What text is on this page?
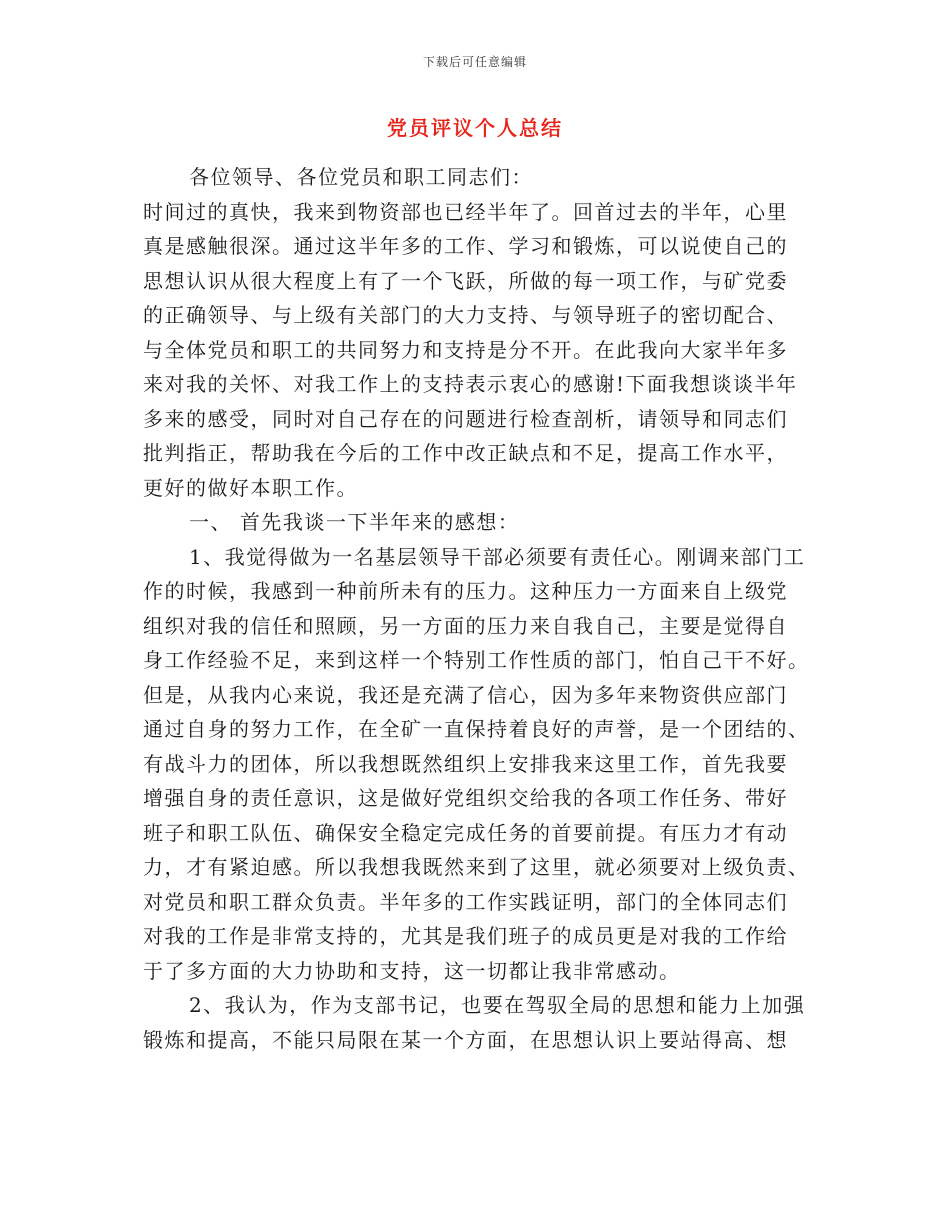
下载后可任意编辑
党员评议个人总结

各位领导、各位党员和职工同志们：

时间过的真快，我来到物资部也已经半年了。回首过去的半年，心里

真是感触很深。通过这半年多的工作、学习和锻炼，可以说使自己的

思想认识从很大程度上有了一个飞跃，所做的每一项工作，与矿党委

的正确领导、与上级有关部门的大力支持、与领导班子的密切配合、

与全体党员和职工的共同努力和支持是分不开。在此我向大家半年多

来对我的关怀、对我工作上的支持表示衷心的感谢!下面我想谈谈半年

多来的感受，同时对自己存在的问题进行检查剖析，请领导和同志们

批判指正，帮助我在今后的工作中改正缺点和不足，提高工作水平，

更好的做好本职工作。

一、 首先我谈一下半年来的感想：

1、我觉得做为一名基层领导干部必须要有责任心。刚调来部门工

作的时候，我感到一种前所未有的压力。这种压力一方面来自上级党

组织对我的信任和照顾，另一方面的压力来自我自己，主要是觉得自

身工作经验不足，来到这样一个特别工作性质的部门，怕自己干不好。

但是，从我内心来说，我还是充满了信心，因为多年来物资供应部门

通过自身的努力工作，在全矿一直保持着良好的声誉，是一个团结的、

有战斗力的团体，所以我想既然组织上安排我来这里工作，首先我要

增强自身的责任意识，这是做好党组织交给我的各项工作任务、带好

班子和职工队伍、确保安全稳定完成任务的首要前提。有压力才有动

力，才有紧迫感。所以我想我既然来到了这里，就必须要对上级负责、

对党员和职工群众负责。半年多的工作实践证明，部门的全体同志们

对我的工作是非常支持的，尤其是我们班子的成员更是对我的工作给

于了多方面的大力协助和支持，这一切都让我非常感动。

2、我认为，作为支部书记，也要在驾驭全局的思想和能力上加强

锻炼和提高，不能只局限在某一个方面，在思想认识上要站得高、想
